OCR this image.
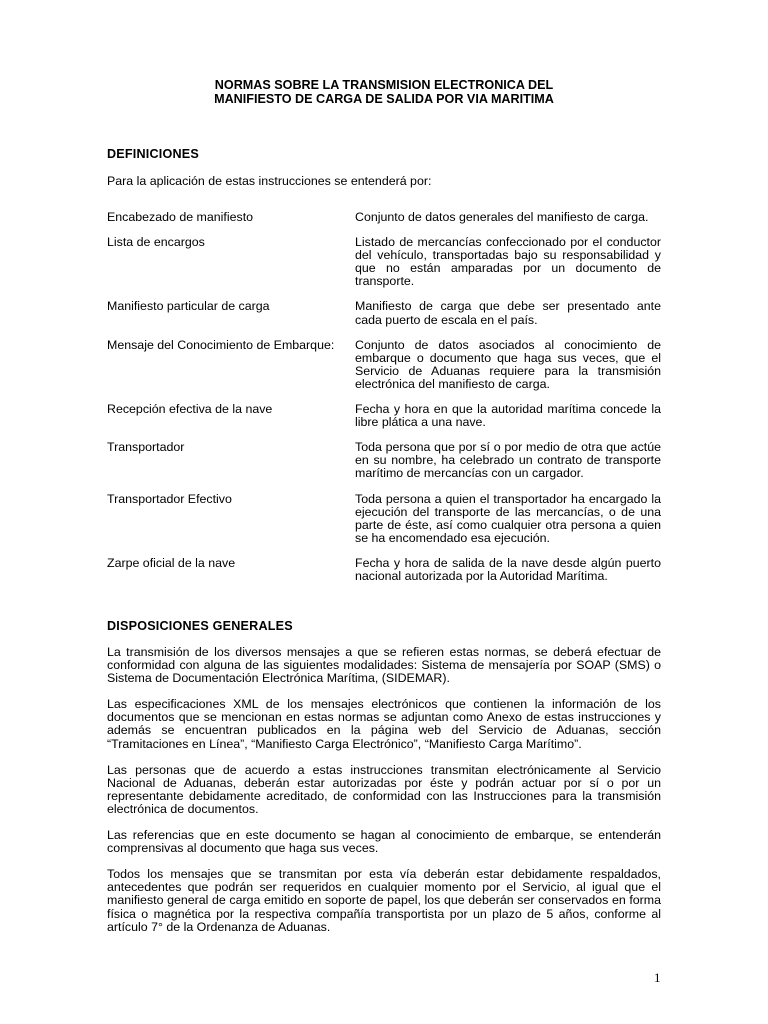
NORMAS SOBRE LA TRANSMISION ELECTRONICA DEL
MANIFIESTO DE CARGA DE SALIDA POR VIA MARITIMA
DEFINICIONES
Para la aplicación de estas instrucciones se entenderá por:
Encabezado de manifiesto	Conjunto de datos generales del manifiesto de carga.
Lista de encargos	Listado de mercancías confeccionado por el conductor del vehículo, transportadas bajo su responsabilidad y que no están amparadas por un documento de transporte.
Manifiesto particular de carga	Manifiesto de carga que debe ser presentado ante cada puerto de escala en el país.
Mensaje del Conocimiento de Embarque:	Conjunto de datos asociados al conocimiento de embarque o documento que haga sus veces, que el Servicio de Aduanas requiere para la transmisión electrónica del manifiesto de carga.
Recepción efectiva de la nave	Fecha y hora en que la autoridad marítima concede la libre plática a una nave.
Transportador	Toda persona que por sí o por medio de otra que actúe en su nombre, ha celebrado un contrato de transporte marítimo de mercancías con un cargador.
Transportador Efectivo	Toda persona a quien el transportador ha encargado la ejecución del transporte de las mercancías, o de una parte de éste, así como cualquier otra persona a quien se ha encomendado esa ejecución.
Zarpe oficial de la nave	Fecha y hora de salida de la nave desde algún puerto nacional autorizada por la Autoridad Marítima.
DISPOSICIONES GENERALES

La transmisión de los diversos mensajes a que se refieren estas normas, se deberá efectuar de conformidad con alguna de las siguientes modalidades: Sistema de mensajería por SOAP (SMS) o Sistema de Documentación Electrónica Marítima, (SIDEMAR).

Las especificaciones XML de los mensajes electrónicos que contienen la información de los documentos que se mencionan en estas normas se adjuntan como Anexo de estas instrucciones y además se encuentran publicados en la página web del Servicio de Aduanas, sección “Tramitaciones en Línea”, “Manifiesto Carga Electrónico”, “Manifiesto Carga Marítimo”.

Las personas que de acuerdo a estas instrucciones transmitan electrónicamente al Servicio Nacional de Aduanas, deberán estar autorizadas por éste y podrán actuar por sí o por un representante debidamente acreditado, de conformidad con las Instrucciones para la transmisión electrónica de documentos.

Las referencias que en este documento se hagan al conocimiento de embarque, se entenderán comprensivas al documento que haga sus veces.

Todos los mensajes que se transmitan por esta vía deberán estar debidamente respaldados, antecedentes que podrán ser requeridos en cualquier momento por el Servicio, al igual que el manifiesto general de carga emitido en soporte de papel, los que deberán ser conservados en forma física o magnética por la respectiva compañía transportista por un plazo de 5 años, conforme al artículo 7° de la Ordenanza de Aduanas.

1
